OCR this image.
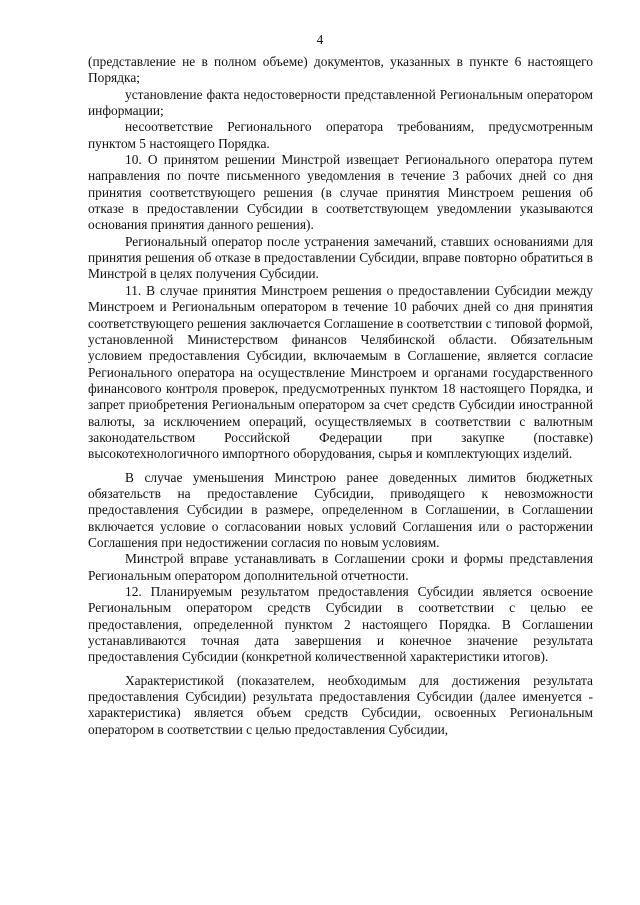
4

(представление не в полном объеме) документов, указанных в пункте 6 настоящего Порядка;

установление факта недостоверности представленной Региональным оператором информации;

несоответствие Регионального оператора требованиям, предусмотренным пунктом 5 настоящего Порядка.

10. О принятом решении Минстрой извещает Регионального оператора путем направления по почте письменного уведомления в течение 3 рабочих дней со дня принятия соответствующего решения (в случае принятия Минстроем решения об отказе в предоставлении Субсидии в соответствующем уведомлении указываются основания принятия данного решения).

Региональный оператор после устранения замечаний, ставших основаниями для принятия решения об отказе в предоставлении Субсидии, вправе повторно обратиться в Минстрой в целях получения Субсидии.

11. В случае принятия Минстроем решения о предоставлении Субсидии между Минстроем и Региональным оператором в течение 10 рабочих дней со дня принятия соответствующего решения заключается Соглашение в соответствии с типовой формой, установленной Министерством финансов Челябинской области. Обязательным условием предоставления Субсидии, включаемым в Соглашение, является согласие Регионального оператора на осуществление Минстроем и органами государственного финансового контроля проверок, предусмотренных пунктом 18 настоящего Порядка, и запрет приобретения Региональным оператором за счет средств Субсидии иностранной валюты, за исключением операций, осуществляемых в соответствии с валютным законодательством Российской Федерации при закупке (поставке) высокотехнологичного импортного оборудования, сырья и комплектующих изделий.

В случае уменьшения Минстрою ранее доведенных лимитов бюджетных обязательств на предоставление Субсидии, приводящего к невозможности предоставления Субсидии в размере, определенном в Соглашении, в Соглашении включается условие о согласовании новых условий Соглашения или о расторжении Соглашения при недостижении согласия по новым условиям.

Минстрой вправе устанавливать в Соглашении сроки и формы представления Региональным оператором дополнительной отчетности.

12. Планируемым результатом предоставления Субсидии является освоение Региональным оператором средств Субсидии в соответствии с целью ее предоставления, определенной пунктом 2 настоящего Порядка. В Соглашении устанавливаются точная дата завершения и конечное значение результата предоставления Субсидии (конкретной количественной характеристики итогов).

Характеристикой (показателем, необходимым для достижения результата предоставления Субсидии) результата предоставления Субсидии (далее именуется - характеристика) является объем средств Субсидии, освоенных Региональным оператором в соответствии с целью предоставления Субсидии,
